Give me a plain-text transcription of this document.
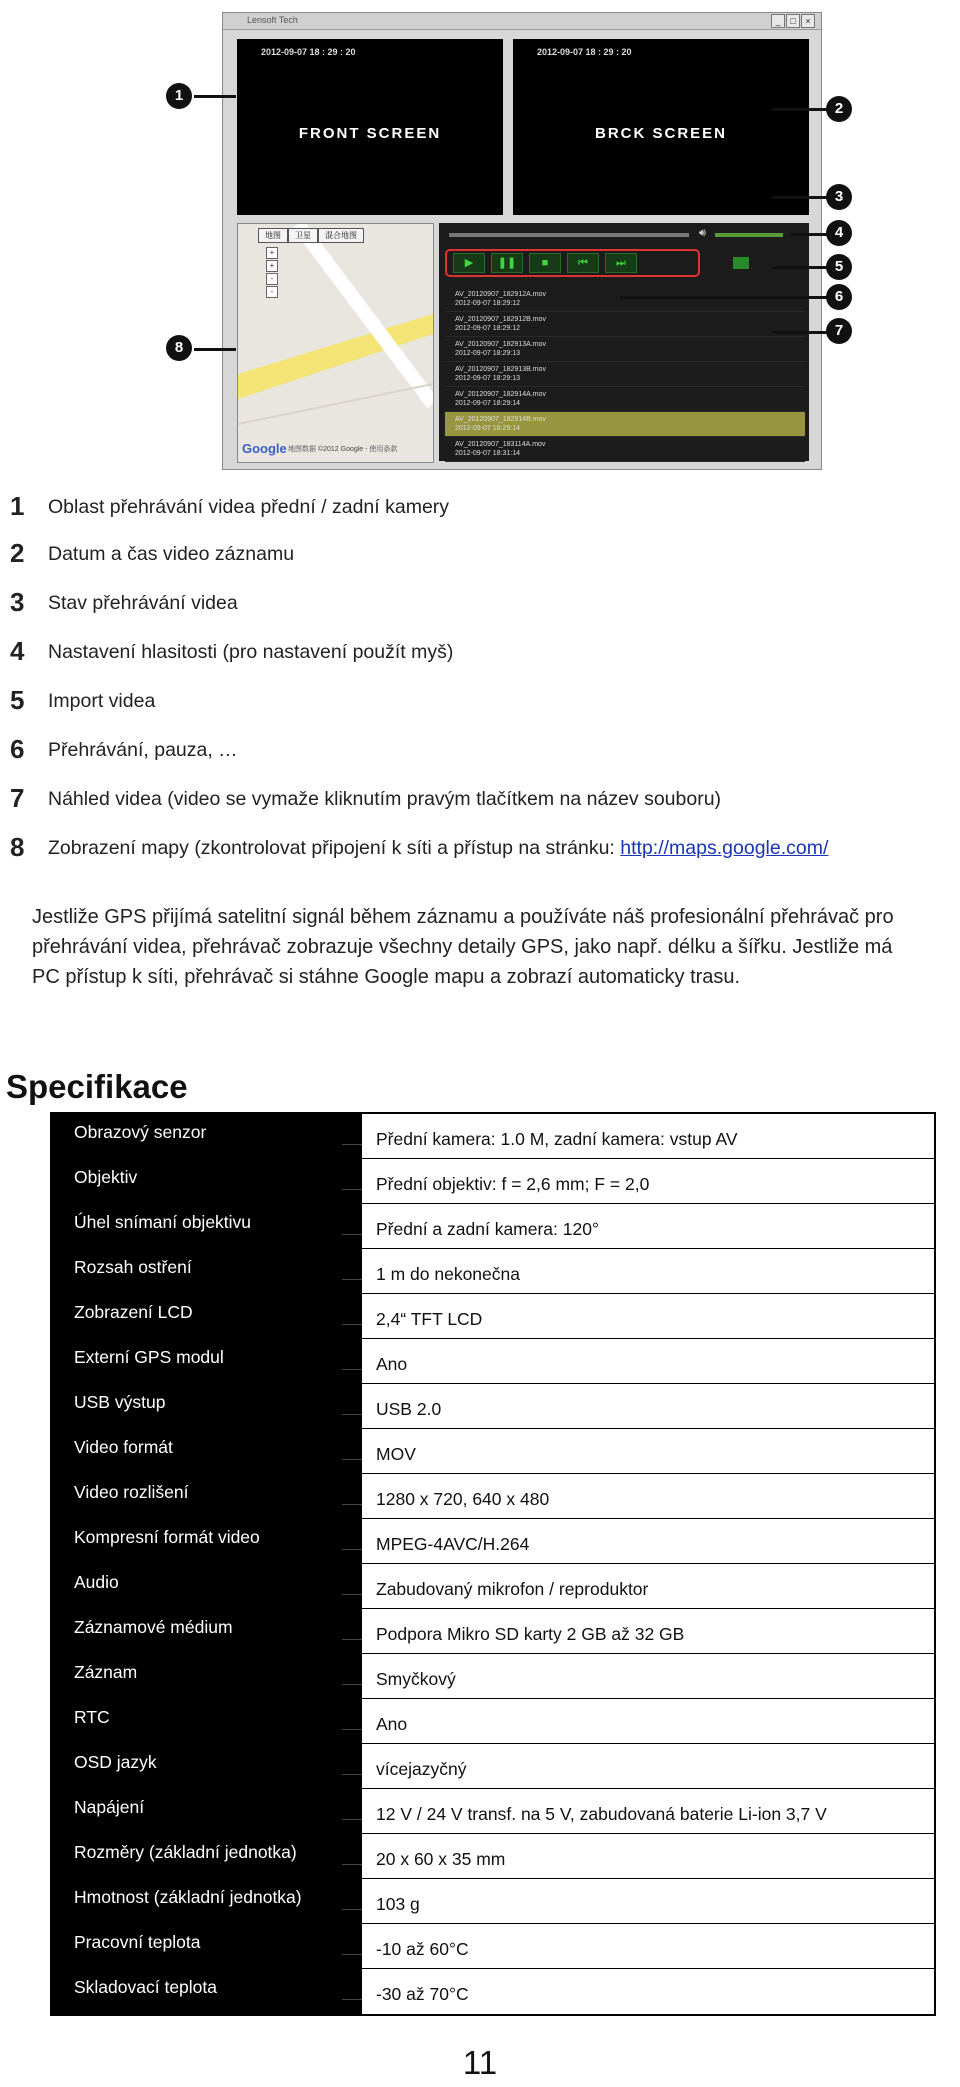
Lensoft Tech	_	□	×
2012-09-07 18 : 29 : 20
FRONT SCREEN
2012-09-07 18 : 29 : 20
BRCK SCREEN
地图	卫星	混合地图
+
+
-
-
Google 地图数据 ©2012 Google - 使用条款
🔊︎
▶	❚❚	■	⏮	⏭
AV_20120907_182912A.mov
2012-09-07 18:29:12
AV_20120907_182912B.mov
2012-09-07 18:29:12
AV_20120907_182913A.mov
2012-09-07 18:29:13
AV_20120907_182913B.mov
2012-09-07 18:29:13
AV_20120907_182914A.mov
2012-09-07 18:29:14
AV_20120907_182914B.mov
2012-09-07 18:29:14
AV_20120907_183114A.mov
2012-09-07 18:31:14
1
2
3
4
5
6
7
8
1 Oblast přehrávání videa přední / zadní kamery
2 Datum a čas video záznamu
3 Stav přehrávání videa
4 Nastavení hlasitosti (pro nastavení použít myš)
5 Import videa
6 Přehrávání, pauza, …
7 Náhled videa (video se vymaže kliknutím pravým tlačítkem na název souboru)
8 Zobrazení mapy (zkontrolovat připojení k síti a přístup na stránku: http://maps.google.com/
Jestliže GPS přijímá satelitní signál během záznamu a používáte náš profesionální přehrávač pro přehrávání videa, přehrávač zobrazuje všechny detaily GPS, jako např. délku a šířku. Jestliže má PC přístup k síti, přehrávač si stáhne Google mapu a zobrazí automaticky trasu.
Specifikace
Obrazový senzor	Přední kamera: 1.0 M, zadní kamera: vstup AV
Objektiv	Přední objektiv: f = 2,6 mm; F = 2,0
Úhel snímaní objektivu	Přední a zadní kamera: 120°
Rozsah ostření	1 m do nekonečna
Zobrazení LCD	2,4“ TFT LCD
Externí GPS modul	Ano
USB výstup	USB 2.0
Video formát	MOV
Video rozlišení	1280 x 720, 640 x 480
Kompresní formát video	MPEG-4AVC/H.264
Audio	Zabudovaný mikrofon / reproduktor
Záznamové médium	Podpora Mikro SD karty 2 GB až 32 GB
Záznam	Smyčkový
RTC	Ano
OSD jazyk	vícejazyčný
Napájení	12 V / 24 V transf. na 5 V, zabudovaná baterie Li-ion 3,7 V
Rozměry (základní jednotka)	20 x 60 x 35 mm
Hmotnost (základní jednotka)	103 g
Pracovní teplota	-10 až 60°C
Skladovací teplota	-30 až 70°C
11
